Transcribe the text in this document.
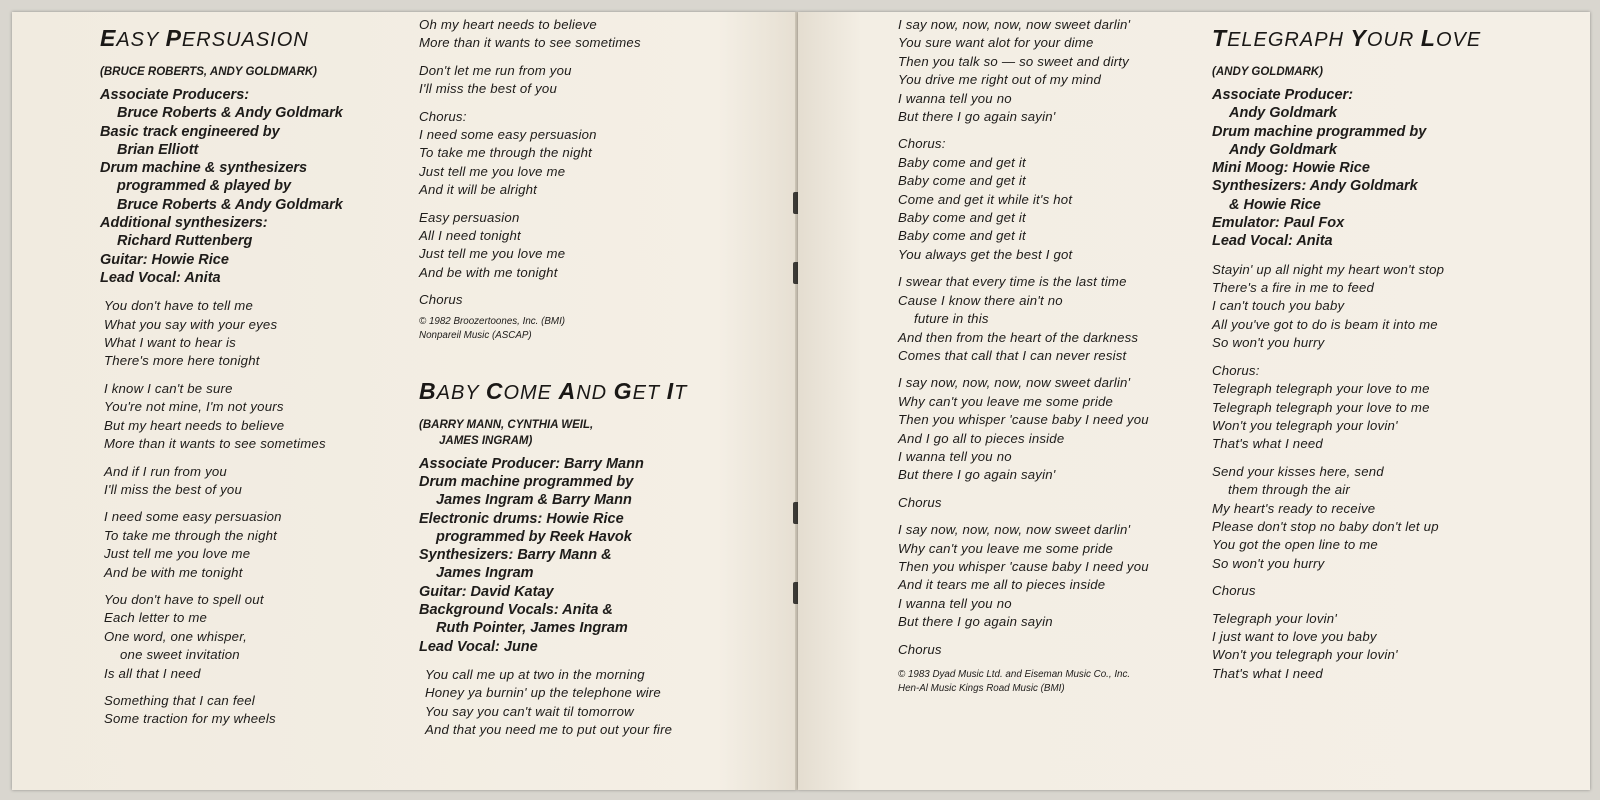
EASY PERSUASION
(BRUCE ROBERTS, ANDY GOLDMARK)
Associate Producers:
Bruce Roberts & Andy Goldmark
Basic track engineered by
Brian Elliott
Drum machine & synthesizers
programmed & played by
Bruce Roberts & Andy Goldmark
Additional synthesizers:
Richard Ruttenberg
Guitar: Howie Rice
Lead Vocal: Anita
You don't have to tell me
What you say with your eyes
What I want to hear is
There's more here tonight
I know I can't be sure
You're not mine, I'm not yours
But my heart needs to believe
More than it wants to see sometimes
And if I run from you
I'll miss the best of you
I need some easy persuasion
To take me through the night
Just tell me you love me
And be with me tonight
You don't have to spell out
Each letter to me
One word, one whisper,
one sweet invitation
Is all that I need
Something that I can feel
Some traction for my wheels
Oh my heart needs to believe
More than it wants to see sometimes
Don't let me run from you
I'll miss the best of you
Chorus:
I need some easy persuasion
To take me through the night
Just tell me you love me
And it will be alright
Easy persuasion
All I need tonight
Just tell me you love me
And be with me tonight
Chorus
© 1982 Broozertoones, Inc. (BMI)
Nonpareil Music (ASCAP)
BABY COME AND GET IT
(BARRY MANN, CYNTHIA WEIL,
JAMES INGRAM)
Associate Producer: Barry Mann
Drum machine programmed by
James Ingram & Barry Mann
Electronic drums: Howie Rice
programmed by Reek Havok
Synthesizers: Barry Mann &
James Ingram
Guitar: David Katay
Background Vocals: Anita &
Ruth Pointer, James Ingram
Lead Vocal: June
You call me up at two in the morning
Honey ya burnin' up the telephone wire
You say you can't wait til tomorrow
And that you need me to put out your fire
I say now, now, now, now sweet darlin'
You sure want alot for your dime
Then you talk so — so sweet and dirty
You drive me right out of my mind
I wanna tell you no
But there I go again sayin'
Chorus:
Baby come and get it
Baby come and get it
Come and get it while it's hot
Baby come and get it
Baby come and get it
You always get the best I got
I swear that every time is the last time
Cause I know there ain't no
future in this
And then from the heart of the darkness
Comes that call that I can never resist
I say now, now, now, now sweet darlin'
Why can't you leave me some pride
Then you whisper 'cause baby I need you
And I go all to pieces inside
I wanna tell you no
But there I go again sayin'
Chorus
I say now, now, now, now sweet darlin'
Why can't you leave me some pride
Then you whisper 'cause baby I need you
And it tears me all to pieces inside
I wanna tell you no
But there I go again sayin
Chorus
© 1983 Dyad Music Ltd. and Eiseman Music Co., Inc.
Hen-Al Music Kings Road Music (BMI)
TELEGRAPH YOUR LOVE
(ANDY GOLDMARK)
Associate Producer:
Andy Goldmark
Drum machine programmed by
Andy Goldmark
Mini Moog: Howie Rice
Synthesizers: Andy Goldmark
& Howie Rice
Emulator: Paul Fox
Lead Vocal: Anita
Stayin' up all night my heart won't stop
There's a fire in me to feed
I can't touch you baby
All you've got to do is beam it into me
So won't you hurry
Chorus:
Telegraph telegraph your love to me
Telegraph telegraph your love to me
Won't you telegraph your lovin'
That's what I need
Send your kisses here, send
them through the air
My heart's ready to receive
Please don't stop no baby don't let up
You got the open line to me
So won't you hurry
Chorus
Telegraph your lovin'
I just want to love you baby
Won't you telegraph your lovin'
That's what I need
